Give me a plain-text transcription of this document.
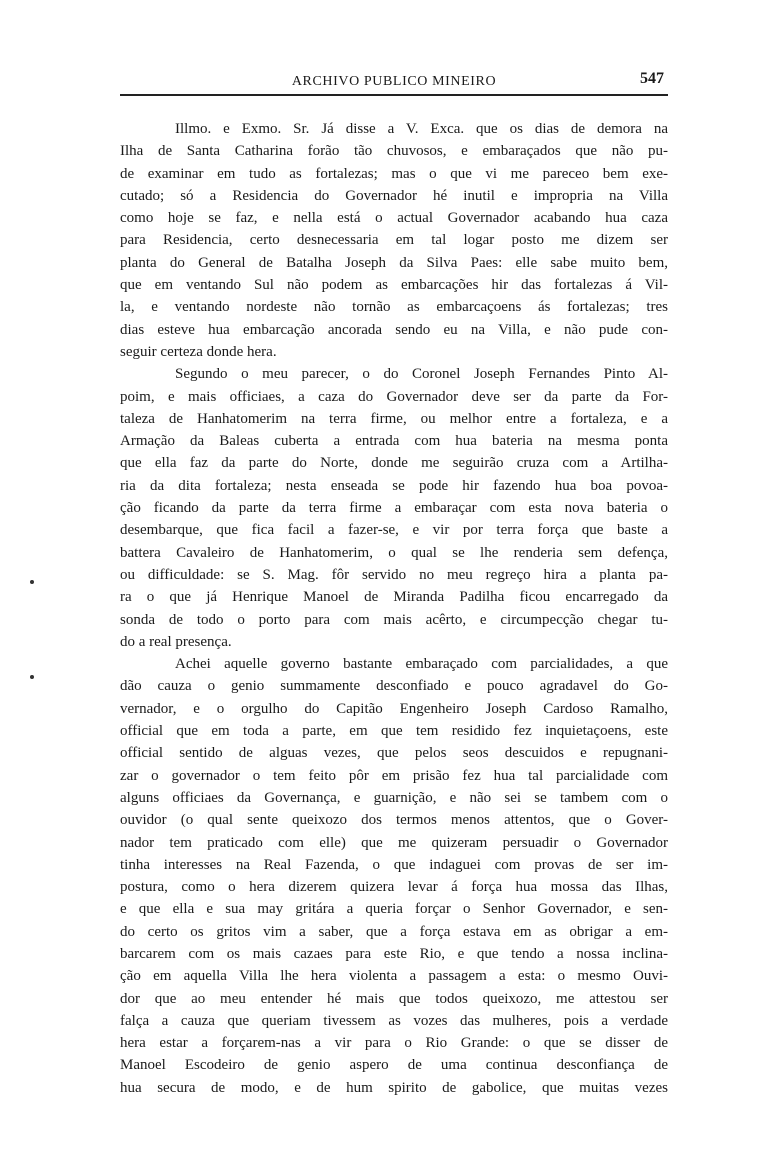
ARCHIVO PUBLICO MINEIRO	547
Illmo. e Exmo. Sr. Já disse a V. Exca. que os dias de demora na
Ilha de Santa Catharina forão tão chuvosos, e embaraçados que não pu-
de examinar em tudo as fortalezas; mas o que vi me pareceo bem exe-
cutado; só a Residencia do Governador hé inutil e impropria na Villa
como hoje se faz, e nella está o actual Governador acabando hua caza
para Residencia, certo desnecessaria em tal logar posto me dizem ser
planta do General de Batalha Joseph da Silva Paes: elle sabe muito bem,
que em ventando Sul não podem as embarcações hir das fortalezas á Vil-
la, e ventando nordeste não tornão as embarcaçoens ás fortalezas; tres
dias esteve hua embarcação ancorada sendo eu na Villa, e não pude con-
seguir certeza donde hera.
Segundo o meu parecer, o do Coronel Joseph Fernandes Pinto Al-
poim, e mais officiaes, a caza do Governador deve ser da parte da For-
taleza de Hanhatomerim na terra firme, ou melhor entre a fortaleza, e a
Armação da Baleas cuberta a entrada com hua bateria na mesma ponta
que ella faz da parte do Norte, donde me seguirão cruza com a Artilha-
ria da dita fortaleza; nesta enseada se pode hir fazendo hua boa povoa-
ção ficando da parte da terra firme a embaraçar com esta nova bateria o
desembarque, que fica facil a fazer-se, e vir por terra força que baste a
battera Cavaleiro de Hanhatomerim, o qual se lhe renderia sem defença,
ou difficuldade: se S. Mag. fôr servido no meu regreço hira a planta pa-
ra o que já Henrique Manoel de Miranda Padilha ficou encarregado da
sonda de todo o porto para com mais acêrto, e circumpecção chegar tu-
do a real presença.
Achei aquelle governo bastante embaraçado com parcialidades, a que
dão cauza o genio summamente desconfiado e pouco agradavel do Go-
vernador, e o orgulho do Capitão Engenheiro Joseph Cardoso Ramalho,
official que em toda a parte, em que tem residido fez inquietaçoens, este
official sentido de alguas vezes, que pelos seos descuidos e repugnani-
zar o governador o tem feito pôr em prisão fez hua tal parcialidade com
alguns officiaes da Governança, e guarnição, e não sei se tambem com o
ouvidor (o qual sente queixozo dos termos menos attentos, que o Gover-
nador tem praticado com elle) que me quizeram persuadir o Governador
tinha interesses na Real Fazenda, o que indaguei com provas de ser im-
postura, como o hera dizerem quizera levar á força hua mossa das Ilhas,
e que ella e sua may gritára a queria forçar o Senhor Governador, e sen-
do certo os gritos vim a saber, que a força estava em as obrigar a em-
barcarem com os mais cazaes para este Rio, e que tendo a nossa inclina-
ção em aquella Villa lhe hera violenta a passagem a esta: o mesmo Ouvi-
dor que ao meu entender hé mais que todos queixozo, me attestou ser
falça a cauza que queriam tivessem as vozes das mulheres, pois a verdade
hera estar a forçarem-nas a vir para o Rio Grande: o que se disser de
Manoel Escodeiro de genio aspero de uma continua desconfiança de
hua secura de modo, e de hum spirito de gabolice, que muitas vezes
